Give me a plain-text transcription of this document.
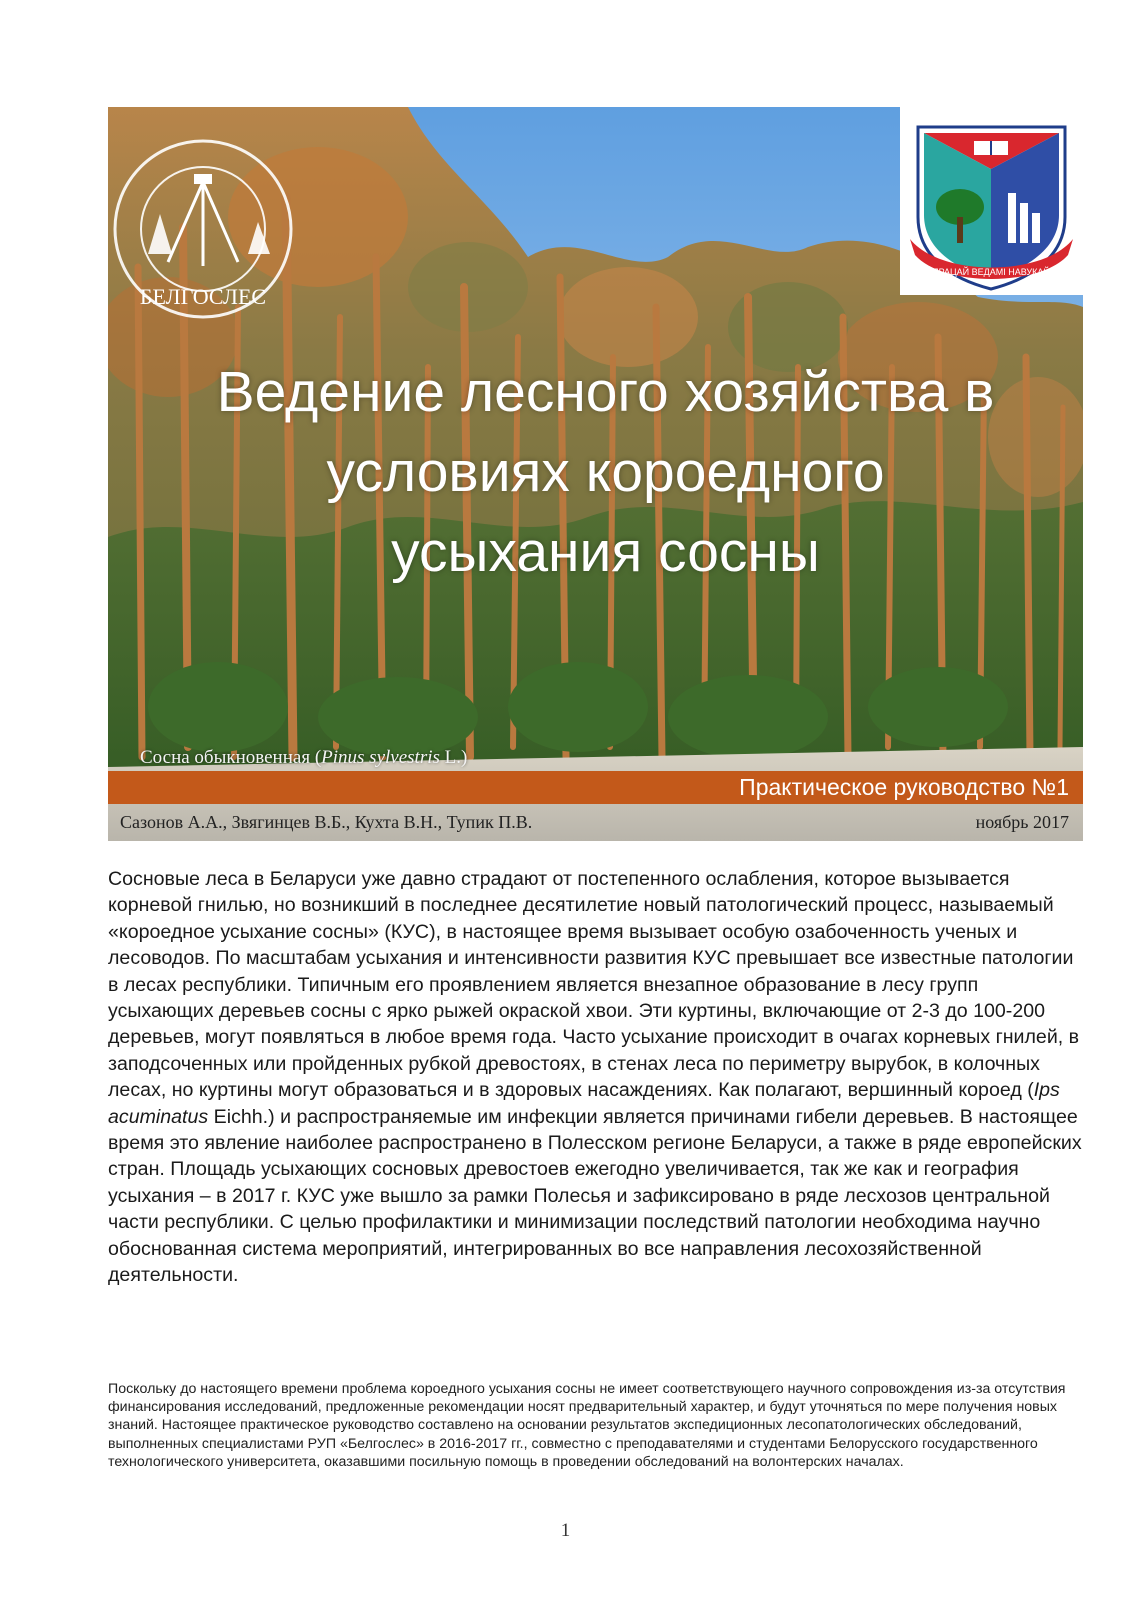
БЕЛГОСЛЕС
ПРАЦАЙ ВЕДАМІ НАВУКАЙ
Ведение лесного хозяйства в
условиях короедного
усыхания сосны
Сосна обыкновенная (Pinus sylvestris L.)
Практическое руководство №1
Сазонов А.А., Звягинцев В.Б., Кухта В.Н., Тупик П.В.	ноябрь 2017
Сосновые леса в Беларуси уже давно страдают от постепенного ослабления, которое вызывается корневой гнилью, но возникший в последнее десятилетие новый патологический процесс, называемый «короедное усыхание сосны» (КУС), в настоящее время вызывает особую озабоченность ученых и лесоводов. По масштабам усыхания и интенсивности развития КУС превышает все известные патологии в лесах республики. Типичным его проявлением является внезапное образование в лесу групп усыхающих деревьев сосны с ярко рыжей окраской хвои. Эти куртины, включающие от 2-3 до 100-200 деревьев, могут появляться в любое время года. Часто усыхание происходит в очагах корневых гнилей, в заподсоченных или пройденных рубкой древостоях, в стенах леса по периметру вырубок, в колочных лесах, но куртины могут образоваться и в здоровых насаждениях. Как полагают, вершинный короед (Ips acuminatus Eichh.) и распространяемые им инфекции является причинами гибели деревьев. В настоящее время это явление наиболее распространено в Полесском регионе Беларуси, а также в ряде европейских стран. Площадь усыхающих сосновых древостоев ежегодно увеличивается, так же как и география усыхания – в 2017 г. КУС уже вышло за рамки Полесья и зафиксировано в ряде лесхозов центральной части республики. С целью профилактики и минимизации последствий патологии необходима научно обоснованная система мероприятий, интегрированных во все направления лесохозяйственной деятельности.
Поскольку до настоящего времени проблема короедного усыхания сосны не имеет соответствующего научного сопровождения из-за отсутствия финансирования исследований, предложенные рекомендации носят предварительный характер, и будут уточняться по мере получения новых знаний. Настоящее практическое руководство составлено на основании результатов экспедиционных лесопатологических обследований, выполненных специалистами РУП «Белгослес» в 2016-2017 гг., совместно с преподавателями и студентами Белорусского государственного технологического университета, оказавшими посильную помощь в проведении обследований на волонтерских началах.
1
